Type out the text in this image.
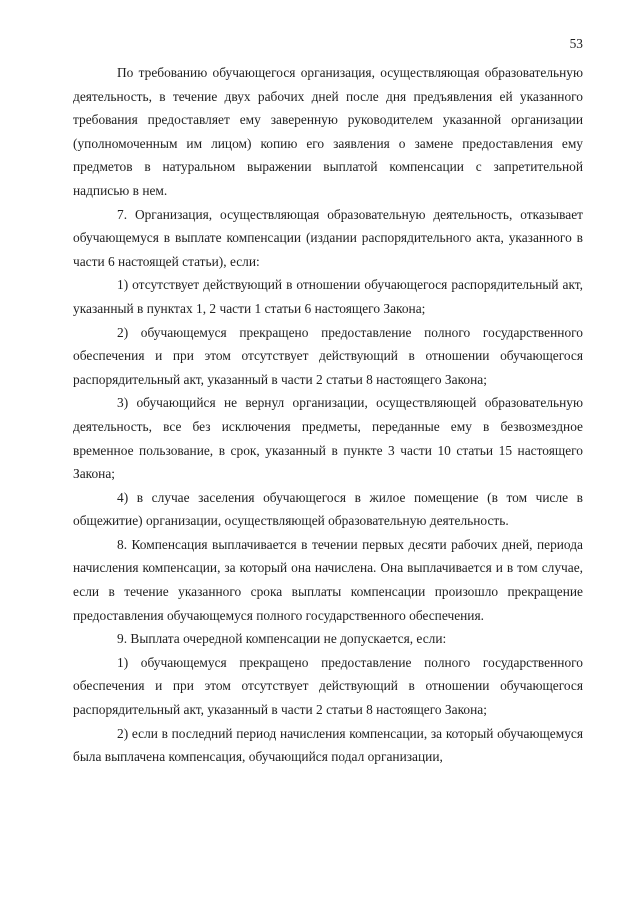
53

По требованию обучающегося организация, осуществляющая образовательную деятельность, в течение двух рабочих дней после дня предъявления ей указанного требования предоставляет ему заверенную руководителем указанной организации (уполномоченным им лицом) копию его заявления о замене предоставления ему предметов в натуральном выражении выплатой компенсации с запретительной надписью в нем.

7. Организация, осуществляющая образовательную деятельность, отказывает обучающемуся в выплате компенсации (издании распорядительного акта, указанного в части 6 настоящей статьи), если:

1) отсутствует действующий в отношении обучающегося распорядительный акт, указанный в пунктах 1, 2 части 1 статьи 6 настоящего Закона;

2) обучающемуся прекращено предоставление полного государственного обеспечения и при этом отсутствует действующий в отношении обучающегося распорядительный акт, указанный в части 2 статьи 8 настоящего Закона;

3) обучающийся не вернул организации, осуществляющей образовательную деятельность, все без исключения предметы, переданные ему в безвозмездное временное пользование, в срок, указанный в пункте 3 части 10 статьи 15 настоящего Закона;

4) в случае заселения обучающегося в жилое помещение (в том числе в общежитие) организации, осуществляющей образовательную деятельность.

8. Компенсация выплачивается в течении первых десяти рабочих дней, периода начисления компенсации, за который она начислена. Она выплачивается и в том случае, если в течение указанного срока выплаты компенсации произошло прекращение предоставления обучающемуся полного государственного обеспечения.

9. Выплата очередной компенсации не допускается, если:

1) обучающемуся прекращено предоставление полного государственного обеспечения и при этом отсутствует действующий в отношении обучающегося распорядительный акт, указанный в части 2 статьи 8 настоящего Закона;

2) если в последний период начисления компенсации, за который обучающемуся была выплачена компенсация, обучающийся подал организации,
